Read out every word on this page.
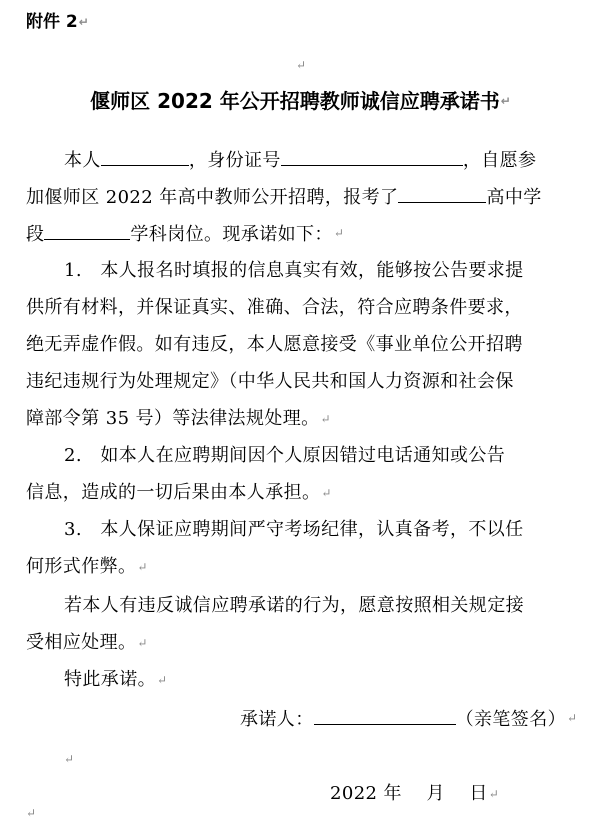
附件 2↵
↵
偃师区 2022 年公开招聘教师诚信应聘承诺书↵
本人	，身份证号	，自愿参
加偃师区 2022 年高中教师公开招聘，报考了	高中学
段	学科岗位。现承诺如下：↵
1.　本人报名时填报的信息真实有效，能够按公告要求提
供所有材料，并保证真实、准确、合法，符合应聘条件要求，
绝无弄虚作假。如有违反，本人愿意接受《事业单位公开招聘
违纪违规行为处理规定》（中华人民共和国人力资源和社会保
障部令第 35 号）等法律法规处理。↵
2.　如本人在应聘期间因个人原因错过电话通知或公告
信息，造成的一切后果由本人承担。↵
3.　本人保证应聘期间严守考场纪律，认真备考，不以任
何形式作弊。↵
若本人有违反诚信应聘承诺的行为，愿意按照相关规定接
受相应处理。↵
特此承诺。↵
承诺人：	（亲笔签名）↵
↵
2022 年　 月　 日↵
↵
